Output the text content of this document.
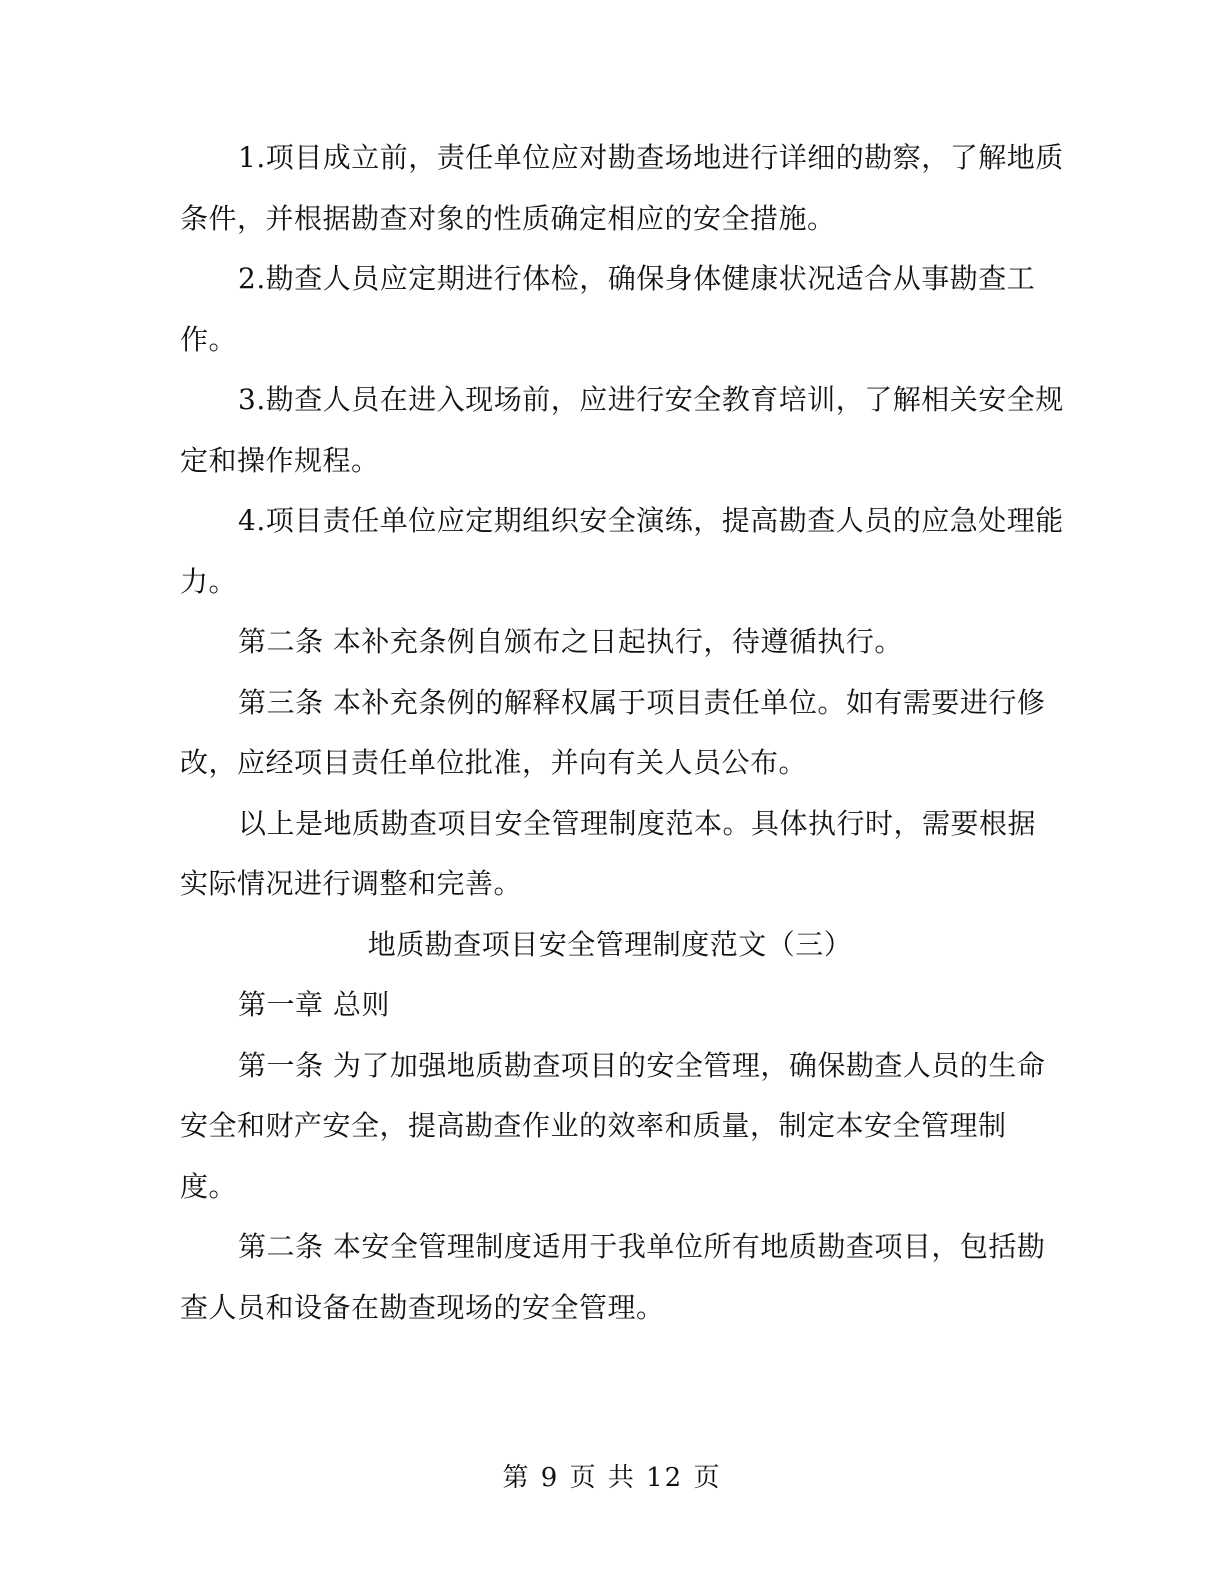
1.项目成立前，责任单位应对勘查场地进行详细的勘察，了解地质
条件，并根据勘查对象的性质确定相应的安全措施。
2.勘查人员应定期进行体检，确保身体健康状况适合从事勘查工
作。
3.勘查人员在进入现场前，应进行安全教育培训，了解相关安全规
定和操作规程。
4.项目责任单位应定期组织安全演练，提高勘查人员的应急处理能
力。
第二条 本补充条例自颁布之日起执行，待遵循执行。
第三条 本补充条例的解释权属于项目责任单位。如有需要进行修
改，应经项目责任单位批准，并向有关人员公布。
以上是地质勘查项目安全管理制度范本。具体执行时，需要根据
实际情况进行调整和完善。
地质勘查项目安全管理制度范文（三）
第一章 总则
第一条 为了加强地质勘查项目的安全管理，确保勘查人员的生命
安全和财产安全，提高勘查作业的效率和质量，制定本安全管理制
度。
第二条 本安全管理制度适用于我单位所有地质勘查项目，包括勘
查人员和设备在勘查现场的安全管理。
第 9 页 共 12 页
